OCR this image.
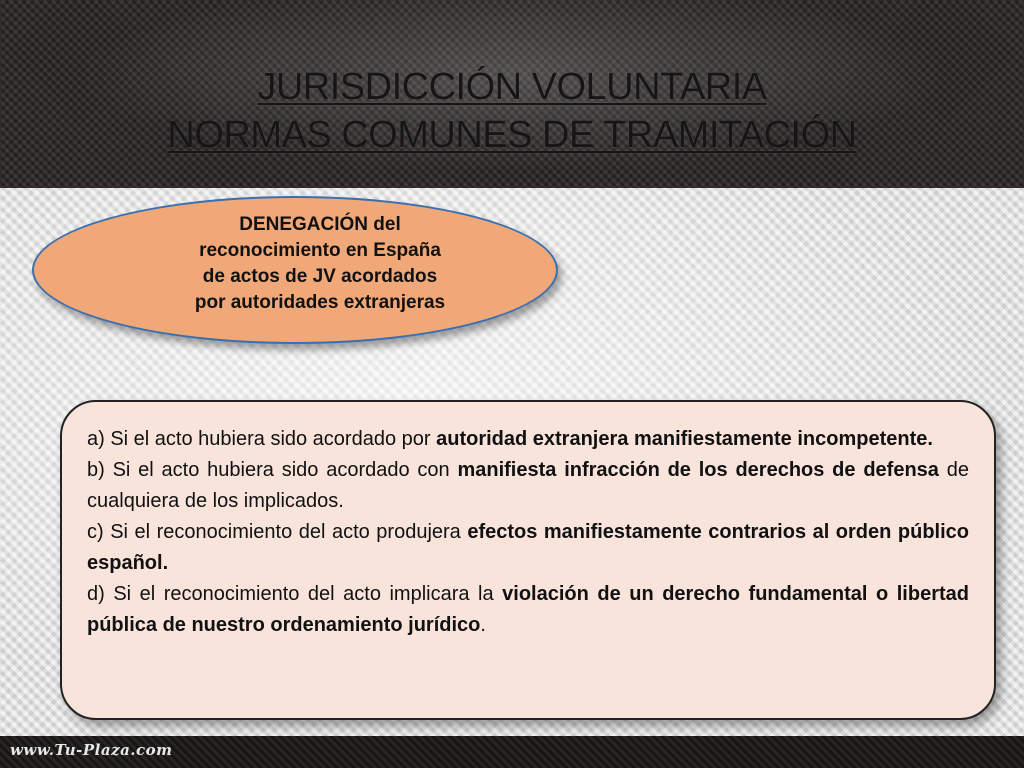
JURISDICCIÓN VOLUNTARIA
NORMAS COMUNES DE TRAMITACIÓN
DENEGACIÓN del
reconocimiento en España
de actos de JV acordados
por autoridades extranjeras

a) Si el acto hubiera sido acordado por autoridad extranjera manifiestamente incompetente.

b) Si el acto hubiera sido acordado con manifiesta infracción de los derechos de defensa de cualquiera de los implicados.

c) Si el reconocimiento del acto produjera efectos manifiestamente contrarios al orden público español.

d) Si el reconocimiento del acto implicara la violación de un derecho fundamental o libertad pública de nuestro ordenamiento jurídico.

www.Tu-Plaza.com
